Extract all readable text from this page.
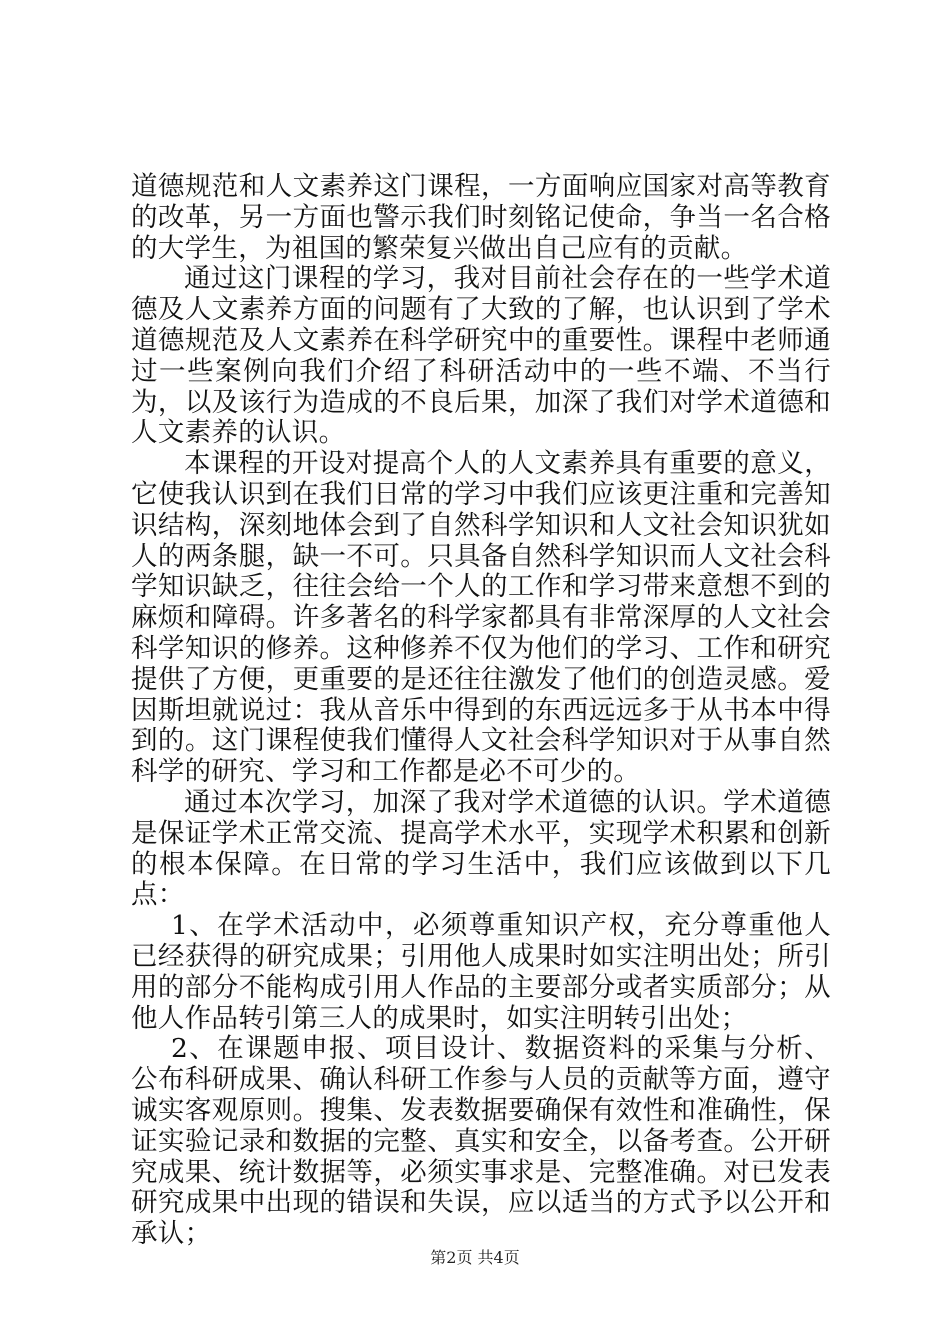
道德规范和人文素养这门课程，一方面响应国家对高等教育的改革，另一方面也警示我们时刻铭记使命，争当一名合格的大学生，为祖国的繁荣复兴做出自己应有的贡献。

通过这门课程的学习，我对目前社会存在的一些学术道德及人文素养方面的问题有了大致的了解，也认识到了学术道德规范及人文素养在科学研究中的重要性。课程中老师通过一些案例向我们介绍了科研活动中的一些不端、不当行为，以及该行为造成的不良后果，加深了我们对学术道德和人文素养的认识。

本课程的开设对提高个人的人文素养具有重要的意义，它使我认识到在我们日常的学习中我们应该更注重和完善知识结构，深刻地体会到了自然科学知识和人文社会知识犹如人的两条腿，缺一不可。只具备自然科学知识而人文社会科学知识缺乏，往往会给一个人的工作和学习带来意想不到的麻烦和障碍。许多著名的科学家都具有非常深厚的人文社会科学知识的修养。这种修养不仅为他们的学习、工作和研究提供了方便，更重要的是还往往激发了他们的创造灵感。爱因斯坦就说过：我从音乐中得到的东西远远多于从书本中得到的。这门课程使我们懂得人文社会科学知识对于从事自然科学的研究、学习和工作都是必不可少的。

通过本次学习，加深了我对学术道德的认识。学术道德是保证学术正常交流、提高学术水平，实现学术积累和创新的根本保障。在日常的学习生活中，我们应该做到以下几点：

1、在学术活动中，必须尊重知识产权，充分尊重他人已经获得的研究成果；引用他人成果时如实注明出处；所引用的部分不能构成引用人作品的主要部分或者实质部分；从他人作品转引第三人的成果时，如实注明转引出处；

2、在课题申报、项目设计、数据资料的采集与分析、公布科研成果、确认科研工作参与人员的贡献等方面，遵守诚实客观原则。搜集、发表数据要确保有效性和准确性，保证实验记录和数据的完整、真实和安全，以备考查。公开研究成果、统计数据等，必须实事求是、完整准确。对已发表研究成果中出现的错误和失误，应以适当的方式予以公开和承认；

第2页 共4页
